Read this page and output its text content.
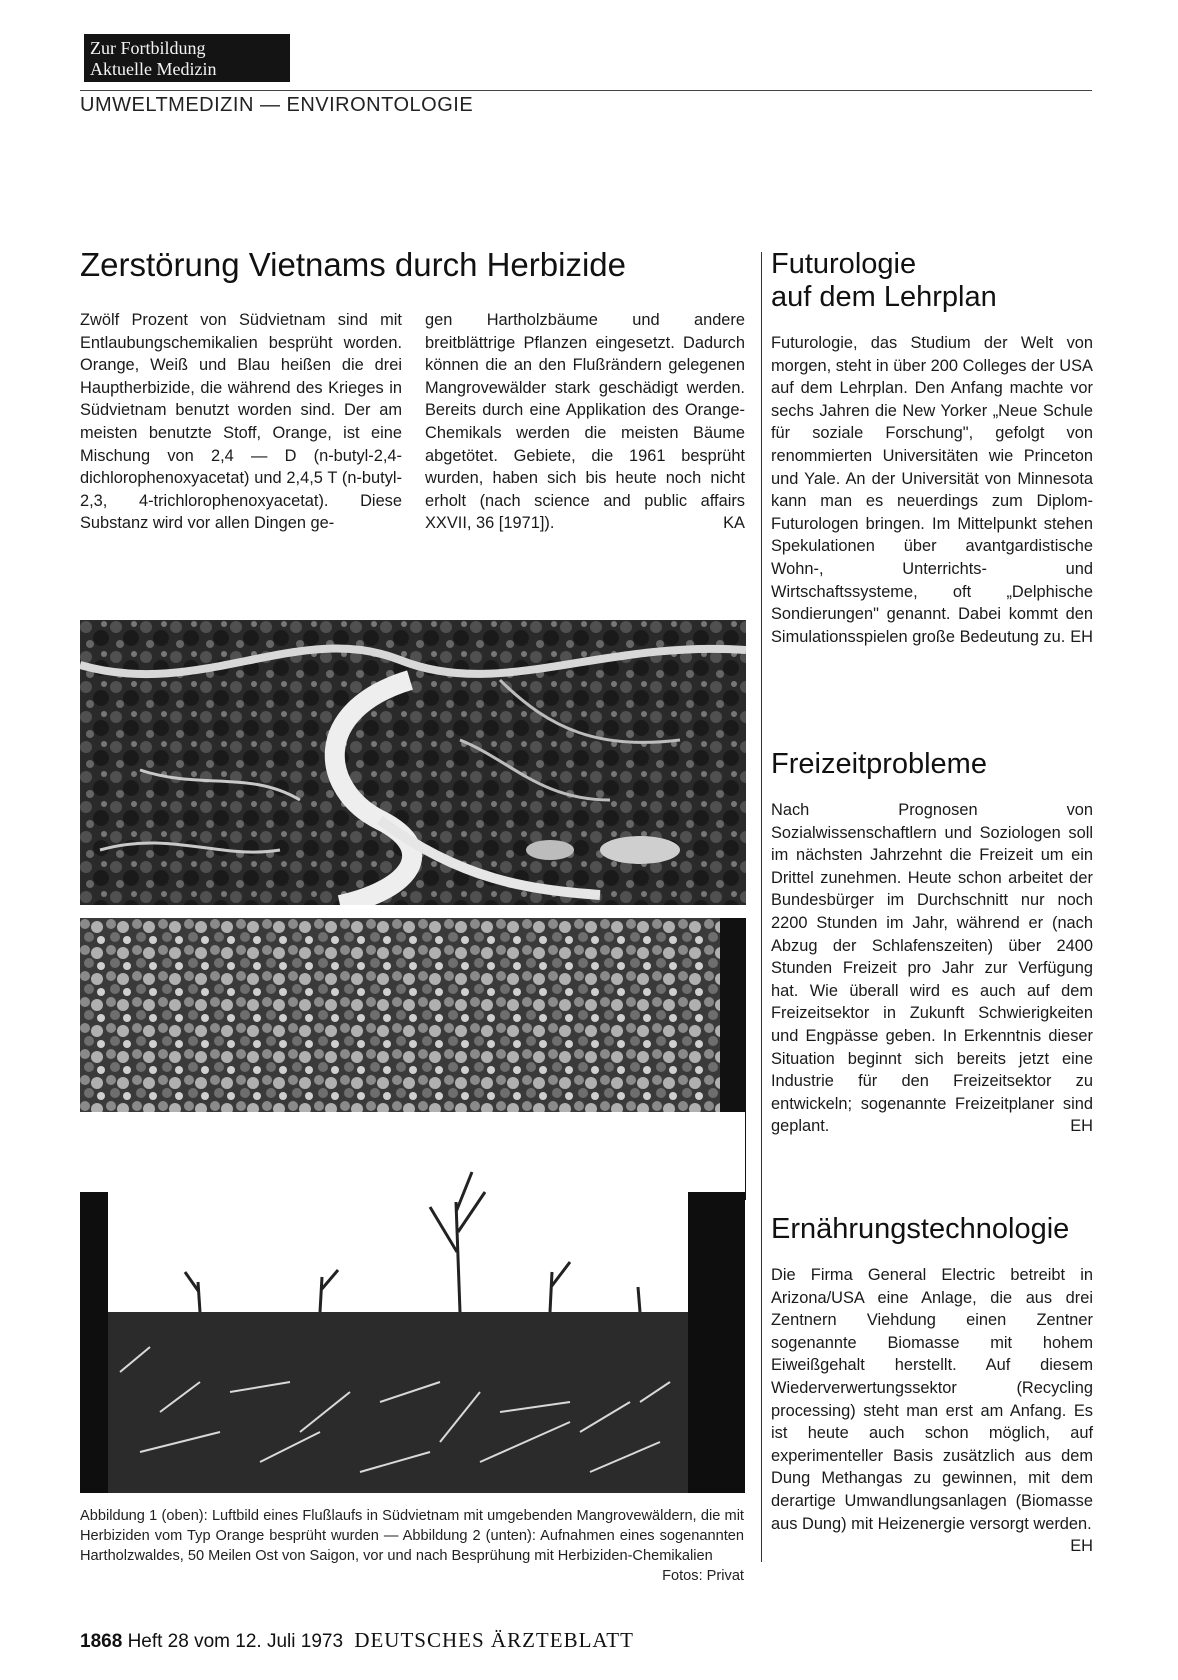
Zur Fortbildung
Aktuelle Medizin
UMWELTMEDIZIN — ENVIRONTOLOGIE
Zerstörung Vietnams durch Herbizide

Zwölf Prozent von Südvietnam sind mit Entlaubungschemikalien besprüht worden. Orange, Weiß und Blau heißen die drei Hauptherbizide, die während des Krieges in Südvietnam benutzt worden sind. Der am meisten benutzte Stoff, Orange, ist eine Mischung von 2,4 — D (n-butyl-2,4-dichlorophenoxyacetat) und 2,4,5 T (n-butyl-2,3, 4-trichlorophenoxyacetat). Diese Substanz wird vor allen Dingen ge-

gen Hartholzbäume und andere breitblättrige Pflanzen eingesetzt. Dadurch können die an den Flußrändern gelegenen Mangrovewälder stark geschädigt werden. Bereits durch eine Applikation des Orange-Chemikals werden die meisten Bäume abgetötet. Gebiete, die 1961 besprüht wurden, haben sich bis heute noch nicht erholt (nach science and public affairs XXVII, 36 [1971]).	KA

Abbildung 1 (oben): Luftbild eines Flußlaufs in Südvietnam mit umgebenden Mangrovewäldern, die mit Herbiziden vom Typ Orange besprüht wurden — Abbildung 2 (unten): Aufnahmen eines sogenannten Hartholzwaldes, 50 Meilen Ost von Saigon, vor und nach Besprühung mit Herbiziden-Chemikalien
Fotos: Privat
Futurologie
auf dem Lehrplan

Futurologie, das Studium der Welt von morgen, steht in über 200 Colleges der USA auf dem Lehrplan. Den Anfang machte vor sechs Jahren die New Yorker „Neue Schule für soziale Forschung", gefolgt von renommierten Universitäten wie Princeton und Yale. An der Universität von Minnesota kann man es neuerdings zum Diplom-Futurologen bringen. Im Mittelpunkt stehen Spekulationen über avantgardistische Wohn-, Unterrichts- und Wirtschaftssysteme, oft „Delphische Sondierungen" genannt. Dabei kommt den Simulationsspielen große Bedeutung zu. EH

Freizeitprobleme

Nach Prognosen von Sozialwissenschaftlern und Soziologen soll im nächsten Jahrzehnt die Freizeit um ein Drittel zunehmen. Heute schon arbeitet der Bundesbürger im Durchschnitt nur noch 2200 Stunden im Jahr, während er (nach Abzug der Schlafenszeiten) über 2400 Stunden Freizeit pro Jahr zur Verfügung hat. Wie überall wird es auch auf dem Freizeitsektor in Zukunft Schwierigkeiten und Engpässe geben. In Erkenntnis dieser Situation beginnt sich bereits jetzt eine Industrie für den Freizeitsektor zu entwickeln; sogenannte Freizeitplaner sind geplant.	EH

Ernährungstechnologie

Die Firma General Electric betreibt in Arizona/USA eine Anlage, die aus drei Zentnern Viehdung einen Zentner sogenannte Biomasse mit hohem Eiweißgehalt herstellt. Auf diesem Wiederverwertungssektor (Recycling processing) steht man erst am Anfang. Es ist heute auch schon möglich, auf experimenteller Basis zusätzlich aus dem Dung Methangas zu gewinnen, mit dem derartige Umwandlungsanlagen (Biomasse aus Dung) mit Heizenergie versorgt werden.
EH

1868 Heft 28 vom 12. Juli 1973 DEUTSCHES ÄRZTEBLATT
